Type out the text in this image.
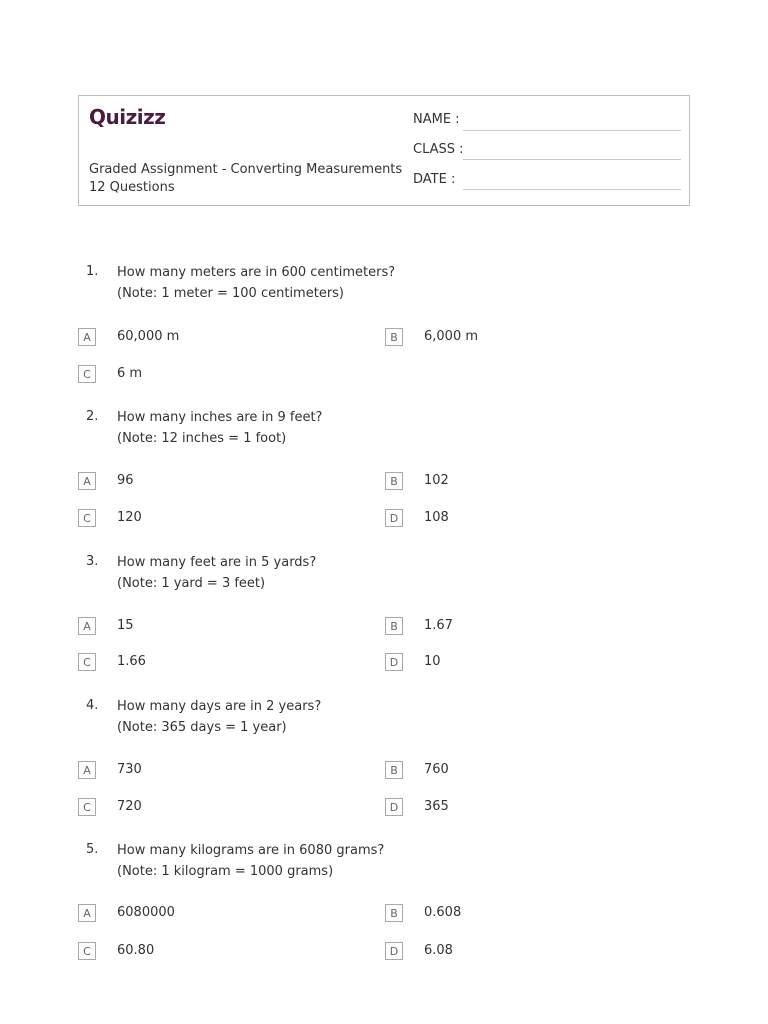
Quizizz
Graded Assignment - Converting Measurements
12 Questions
NAME :
CLASS :
DATE :
1. How many meters are in 600 centimeters?
(Note: 1 meter = 100 centimeters)
A	60,000 m	B	6,000 m
C	6 m
2. How many inches are in 9 feet?
(Note: 12 inches = 1 foot)
A	96	B	102
C	120	D	108
3. How many feet are in 5 yards?
(Note: 1 yard = 3 feet)
A	15	B	1.67
C	1.66	D	10
4. How many days are in 2 years?
(Note: 365 days = 1 year)
A	730	B	760
C	720	D	365
5. How many kilograms are in 6080 grams?
(Note: 1 kilogram = 1000 grams)
A	6080000	B	0.608
C	60.80	D	6.08
